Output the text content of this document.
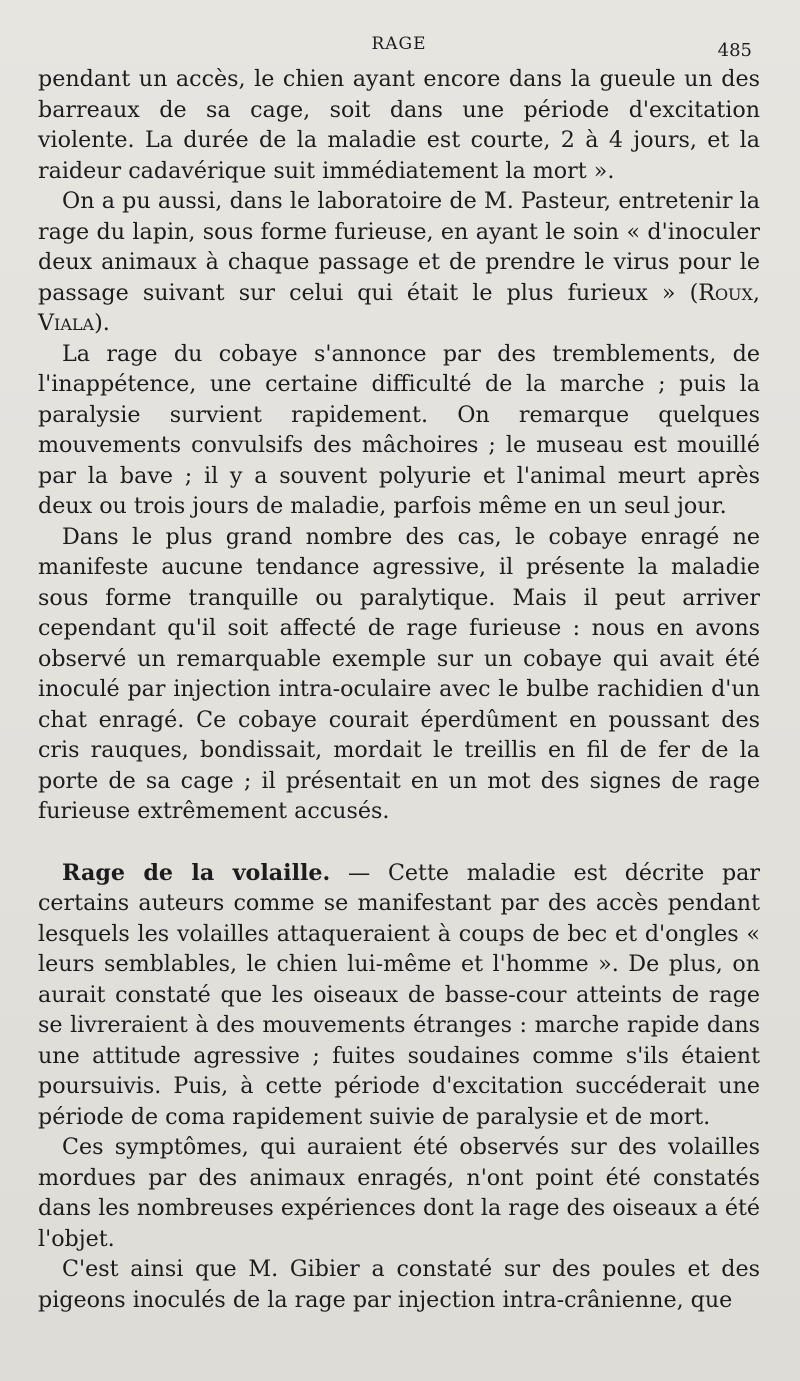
RAGE	485

pendant un accès, le chien ayant encore dans la gueule un des barreaux de sa cage, soit dans une période d'excitation violente. La durée de la maladie est courte, 2 à 4 jours, et la raideur cadavérique suit immédiatement la mort ».

On a pu aussi, dans le laboratoire de M. Pasteur, entretenir la rage du lapin, sous forme furieuse, en ayant le soin « d'inoculer deux animaux à chaque passage et de prendre le virus pour le passage suivant sur celui qui était le plus furieux » (Roux, Viala).

La rage du cobaye s'annonce par des tremblements, de l'inappétence, une certaine difficulté de la marche ; puis la paralysie survient rapidement. On remarque quelques mouvements convulsifs des mâchoires ; le museau est mouillé par la bave ; il y a souvent polyurie et l'animal meurt après deux ou trois jours de maladie, parfois même en un seul jour.

Dans le plus grand nombre des cas, le cobaye enragé ne manifeste aucune tendance agressive, il présente la maladie sous forme tranquille ou paralytique. Mais il peut arriver cependant qu'il soit affecté de rage furieuse : nous en avons observé un remarquable exemple sur un cobaye qui avait été inoculé par injection intra-oculaire avec le bulbe rachidien d'un chat enragé. Ce cobaye courait éperdûment en poussant des cris rauques, bondissait, mordait le treillis en fil de fer de la porte de sa cage ; il présentait en un mot des signes de rage furieuse extrêmement accusés.

Rage de la volaille. — Cette maladie est décrite par certains auteurs comme se manifestant par des accès pendant lesquels les volailles attaqueraient à coups de bec et d'ongles « leurs semblables, le chien lui-même et l'homme ». De plus, on aurait constaté que les oiseaux de basse-cour atteints de rage se livreraient à des mouvements étranges : marche rapide dans une attitude agressive ; fuites soudaines comme s'ils étaient poursuivis. Puis, à cette période d'excitation succéderait une période de coma rapidement suivie de paralysie et de mort.

Ces symptômes, qui auraient été observés sur des volailles mordues par des animaux enragés, n'ont point été constatés dans les nombreuses expériences dont la rage des oiseaux a été l'objet.

C'est ainsi que M. Gibier a constaté sur des poules et des pigeons inoculés de la rage par injection intra-crânienne, que
